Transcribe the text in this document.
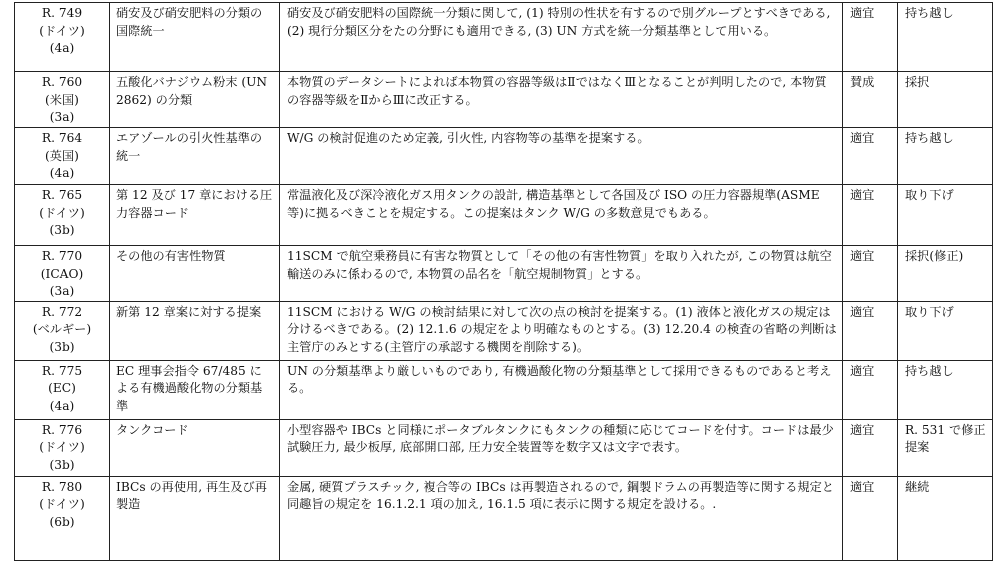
R. 749
(ドイツ)
(4a)	硝安及び硝安肥料の分類の国際統一	硝安及び硝安肥料の国際統一分類に関して, (1) 特別の性状を有するので別グループとすべきである, (2) 現行分類区分をたの分野にも適用できる, (3) UN 方式を統一分類基準として用いる。	適宜	持ち越し

R. 760
(米国)
(3a)	五酸化バナジウム粉末 (UN 2862) の分類	本物質のデータシートによれば本物質の容器等級はⅡではなくⅢとなることが判明したので, 本物質の容器等級をⅡからⅢに改正する。	賛成	採択

R. 764
(英国)
(4a)	エアゾールの引火性基準の統一	W/G の検討促進のため定義, 引火性, 内容物等の基準を提案する。	適宜	持ち越し

R. 765
(ドイツ)
(3b)	第 12 及び 17 章における圧力容器コード	常温液化及び深冷液化ガス用タンクの設計, 構造基準として各国及び ISO の圧力容器規準(ASME 等)に拠るべきことを規定する。この提案はタンク W/G の多数意見でもある。	適宜	取り下げ

R. 770
(ICAO)
(3a)	その他の有害性物質	11SCM で航空乗務員に有害な物質として「その他の有害性物質」を取り入れたが, この物質は航空輸送のみに係わるので, 本物質の品名を「航空規制物質」とする。	適宜	採択(修正)

R. 772
(ベルギー)
(3b)	新第 12 章案に対する提案	11SCM における W/G の検討結果に対して次の点の検討を提案する。(1) 液体と液化ガスの規定は分けるべきである。(2) 12.1.6 の規定をより明確なものとする。(3) 12.20.4 の検査の省略の判断は主管庁のみとする(主管庁の承認する機関を削除する)。	適宜	取り下げ

R. 775
(EC)
(4a)	EC 理事会指令 67/485 による有機過酸化物の分類基準	UN の分類基準より厳しいものであり, 有機過酸化物の分類基準として採用できるものであると考える。	適宜	持ち越し

R. 776
(ドイツ)
(3b)	タンクコード	小型容器や IBCs と同様にポータブルタンクにもタンクの種類に応じてコードを付す。コードは最少試験圧力, 最少板厚, 底部開口部, 圧力安全装置等を数字又は文字で表す。	適宜	R. 531 で修正提案

R. 780
(ドイツ)
(6b)	IBCs の再使用, 再生及び再製造	金属, 硬質プラスチック, 複合等の IBCs は再製造されるので, 鋼製ドラムの再製造等に関する規定と同趣旨の規定を 16.1.2.1 項の加え, 16.1.5 項に表示に関する規定を設ける。.	適宜	継続
